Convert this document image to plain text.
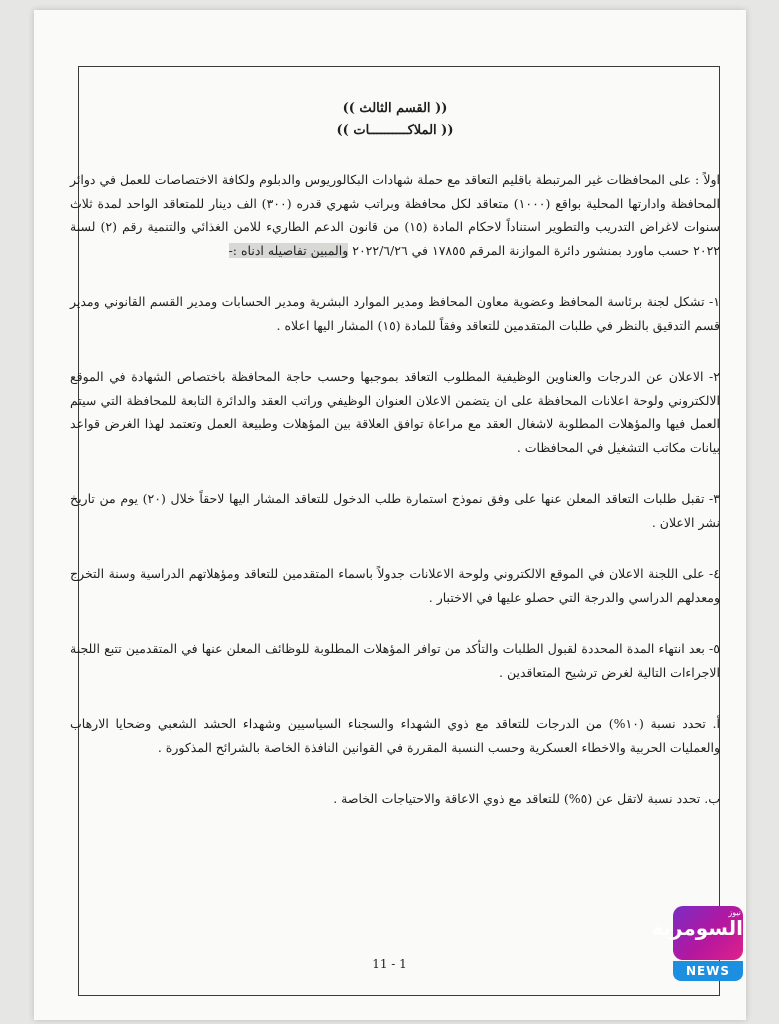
(( القسم الثالث ))
(( الملاكــــــــــات ))

اولاً : على المحافظات غير المرتبطة باقليم التعاقد مع حملة شهادات البكالوريوس والدبلوم ولكافة الاختصاصات للعمل في دوائر المحافظة وادارتها المحلية بواقع (١٠٠٠) متعاقد لكل محافظة وبراتب شهري قدره (٣٠٠) الف دينار للمتعاقد الواحد لمدة ثلاث سنوات لاغراض التدريب والتطوير استناداً لاحكام المادة (١٥) من قانون الدعم الطاريء للامن الغذائي والتنمية رقم (٢) لسنة ٢٠٢٢ حسب ماورد بمنشور دائرة الموازنة المرقم ١٧٨٥٥ في ٢٠٢٢/٦/٢٦ والمبين تفاصيله ادناه :-

١- تشكل لجنة برئاسة المحافظ وعضوية معاون المحافظ ومدير الموارد البشرية ومدير الحسابات ومدير القسم القانوني ومدير قسم التدقيق بالنظر في طلبات المتقدمين للتعاقد وفقاً للمادة (١٥) المشار اليها اعلاه .

٢- الاعلان عن الدرجات والعناوين الوظيفية المطلوب التعاقد بموجبها وحسب حاجة المحافظة باختصاص الشهادة في الموقع الالكتروني ولوحة اعلانات المحافظة على ان يتضمن الاعلان العنوان الوظيفي وراتب العقد والدائرة التابعة للمحافظة التي سيتم العمل فيها والمؤهلات المطلوبة لاشغال العقد مع مراعاة توافق العلاقة بين المؤهلات وطبيعة العمل وتعتمد لهذا الغرض قواعد بيانات مكاتب التشغيل في المحافظات .

٣- تقبل طلبات التعاقد المعلن عنها على وفق نموذج استمارة طلب الدخول للتعاقد المشار اليها لاحقاً خلال (٢٠) يوم من تاريخ نشر الاعلان .

٤- على اللجنة الاعلان في الموقع الالكتروني ولوحة الاعلانات جدولاً باسماء المتقدمين للتعاقد ومؤهلاتهم الدراسية وسنة التخرج ومعدلهم الدراسي والدرجة التي حصلو عليها في الاختبار .

٥- بعد انتهاء المدة المحددة لقبول الطلبات والتأكد من توافر المؤهلات المطلوبة للوظائف المعلن عنها في المتقدمين تتبع اللجنة الاجراءات التالية لغرض ترشيح المتعاقدين .

أ. تحدد نسبة (١٠%) من الدرجات للتعاقد مع ذوي الشهداء والسجناء السياسيين وشهداء الحشد الشعبي وضحايا الارهاب والعمليات الحربية والاخطاء العسكرية وحسب النسبة المقررة في القوانين النافذة الخاصة بالشرائح المذكورة .

ب. تحدد نسبة لاتقل عن (٥%) للتعاقد مع ذوي الاعاقة والاحتياجات الخاصة .

11 - 1
نيوز
السومرية
NEWS
